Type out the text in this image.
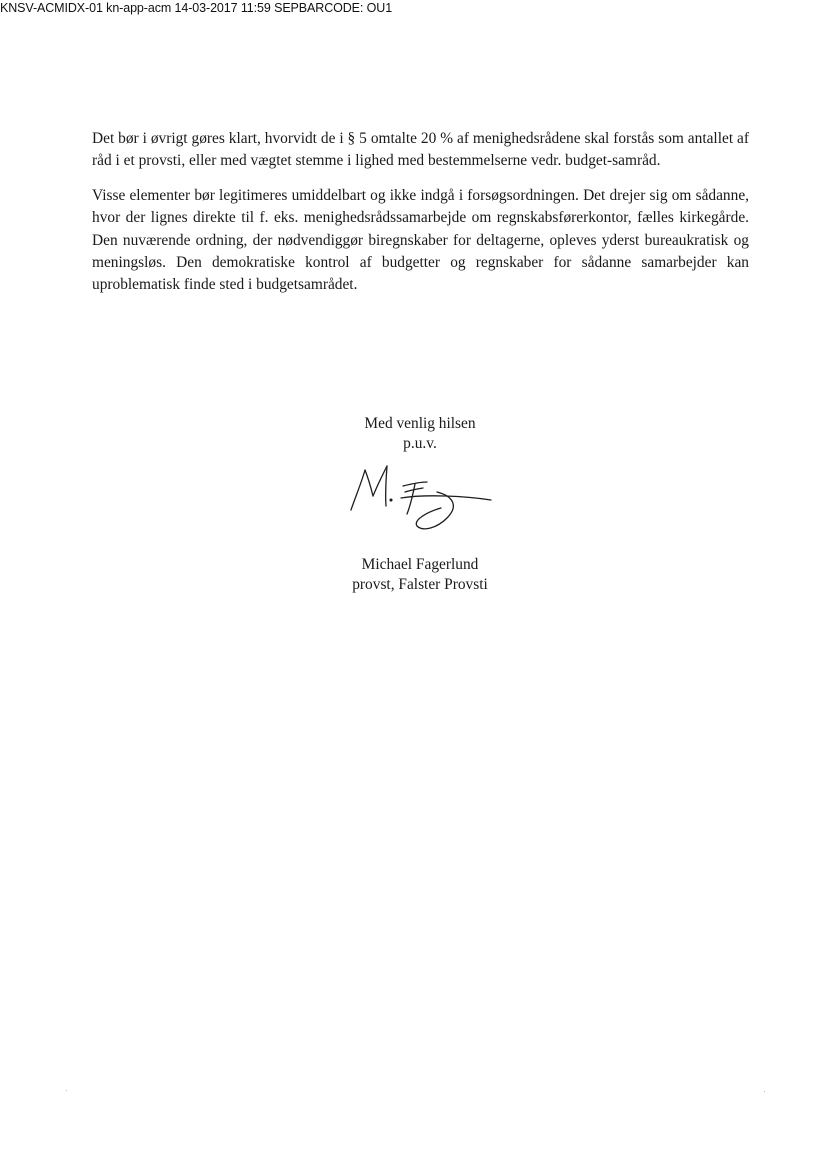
KNSV-ACMIDX-01 kn-app-acm 14-03-2017 11:59 SEPBARCODE: OU1

Det bør i øvrigt gøres klart, hvorvidt de i § 5 omtalte 20 % af menighedsrådene skal forstås som antallet af råd i et provsti, eller med vægtet stemme i lighed med bestemmelserne vedr. budget-samråd.

Visse elementer bør legitimeres umiddelbart og ikke indgå i forsøgsordningen. Det drejer sig om sådanne, hvor der lignes direkte til f. eks. menighedsrådssamarbejde om regnskabsførerkontor, fælles kirkegårde. Den nuværende ordning, der nødvendiggør biregnskaber for deltagerne, opleves yderst bureaukratisk og meningsløs. Den demokratiske kontrol af budgetter og regnskaber for sådanne samarbejder kan uproblematisk finde sted i budgetsamrådet.

Med venlig hilsen
p.u.v.
Michael Fagerlund
provst, Falster Provsti
